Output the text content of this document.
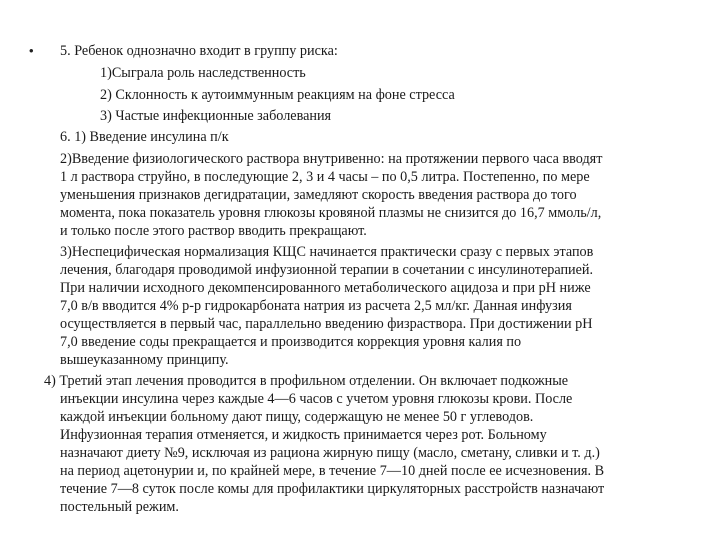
• 5. Ребенок однозначно входит в группу риска:
1)Сыграла роль наследственность
2) Склонность к аутоиммунным реакциям на фоне стресса
3) Частые инфекционные заболевания
6. 1) Введение инсулина п/к
2)Введение физиологического раствора внутривенно: на протяжении первого часа вводят
1 л раствора струйно, в последующие 2, 3 и 4 часы – по 0,5 литра. Постепенно, по мере
уменьшения признаков дегидратации, замедляют скорость введения раствора до того
момента, пока показатель уровня глюкозы кровяной плазмы не снизится до 16,7 ммоль/л,
и только после этого раствор вводить прекращают.
3)Неспецифическая нормализация КЩС начинается практически сразу с первых этапов
лечения, благодаря проводимой инфузионной терапии в сочетании с инсулинотерапией.
При наличии исходного декомпенсированного метаболического ацидоза и при рН ниже
7,0 в/в вводится 4% р-р гидрокарбоната натрия из расчета 2,5 мл/кг. Данная инфузия
осуществляется в первый час, параллельно введению физраствора. При достижении рН
7,0 введение соды прекращается и производится коррекция уровня калия по
вышеуказанному принципу.
4) Третий этап лечения проводится в профильном отделении. Он включает подкожные
инъекции инсулина через каждые 4—6 часов с учетом уровня глюкозы крови. После
каждой инъекции больному дают пищу, содержащую не менее 50 г углеводов.
Инфузионная терапия отменяется, и жидкость принимается через рот. Больному
назначают диету №9, исключая из рациона жирную пищу (масло, сметану, сливки и т. д.)
на период ацетонурии и, по крайней мере, в течение 7—10 дней после ее исчезновения. В
течение 7—8 суток после комы для профилактики циркуляторных расстройств назначают
постельный режим.
